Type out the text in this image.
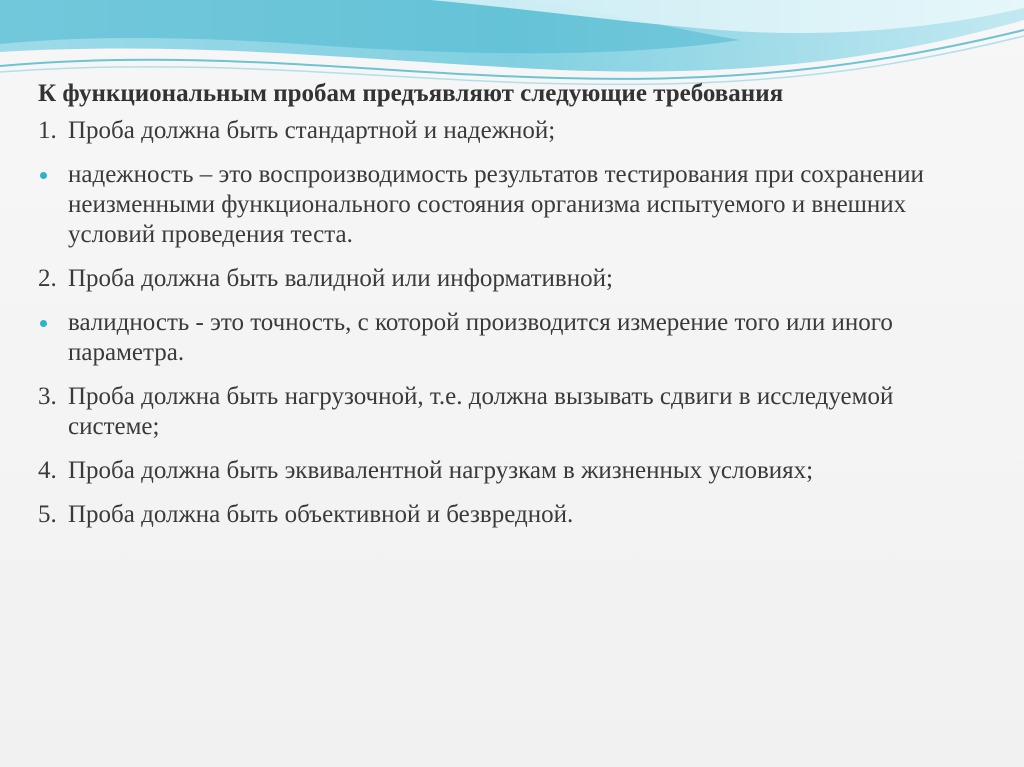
К функциональным пробам предъявляют следующие требования
1. Проба должна быть стандартной и надежной;
надежность – это воспроизводимость результатов тестирования при сохранении неизменными функционального состояния организма испытуемого и внешних условий проведения теста.
2. Проба должна быть валидной или информативной;
валидность - это точность, с которой производится измерение того или иного параметра.
3. Проба должна быть нагрузочной, т.е. должна вызывать сдвиги в исследуемой системе;
4. Проба должна быть эквивалентной нагрузкам в жизненных условиях;
5. Проба должна быть объективной и безвредной.
